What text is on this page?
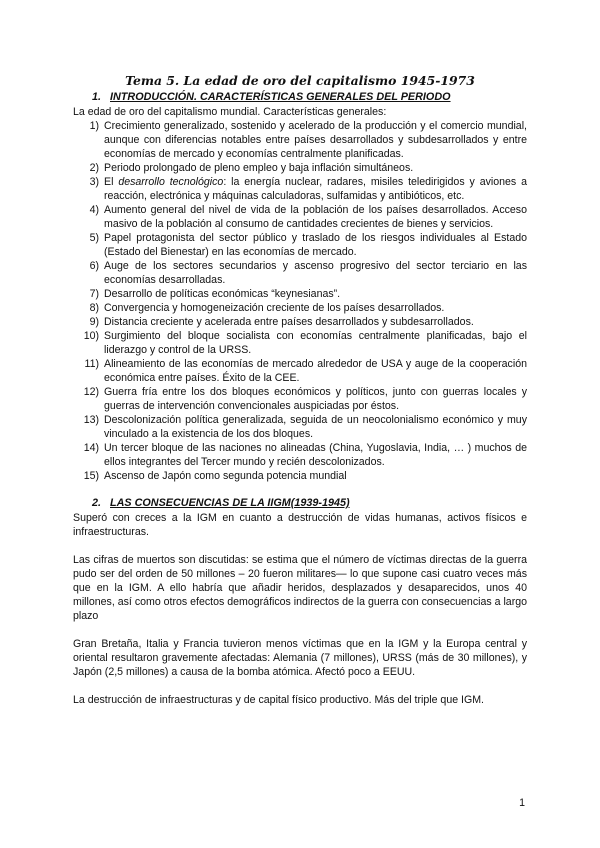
Tema 5. La edad de oro del capitalismo 1945-1973
1. INTRODUCCIÓN. CARACTERÍSTICAS GENERALES DEL PERIODO

La edad de oro del capitalismo mundial. Características generales:

1) Crecimiento generalizado, sostenido y acelerado de la producción y el comercio mundial, aunque con diferencias notables entre países desarrollados y subdesarrollados y entre economías de mercado y economías centralmente planificadas.
2) Periodo prolongado de pleno empleo y baja inflación simultáneos.
3) El desarrollo tecnológico: la energía nuclear, radares, misiles teledirigidos y aviones a reacción, electrónica y máquinas calculadoras, sulfamidas y antibióticos, etc.
4) Aumento general del nivel de vida de la población de los países desarrollados. Acceso masivo de la población al consumo de cantidades crecientes de bienes y servicios.
5) Papel protagonista del sector público y traslado de los riesgos individuales al Estado (Estado del Bienestar) en las economías de mercado.
6) Auge de los sectores secundarios y ascenso progresivo del sector terciario en las economías desarrolladas.
7) Desarrollo de políticas económicas “keynesianas”.
8) Convergencia y homogeneización creciente de los países desarrollados.
9) Distancia creciente y acelerada entre países desarrollados y subdesarrollados.
10) Surgimiento del bloque socialista con economías centralmente planificadas, bajo el liderazgo y control de la URSS.
11) Alineamiento de las economías de mercado alrededor de USA y auge de la cooperación económica entre países. Éxito de la CEE.
12) Guerra fría entre los dos bloques económicos y políticos, junto con guerras locales y guerras de intervención convencionales auspiciadas por éstos.
13) Descolonización política generalizada, seguida de un neocolonialismo económico y muy vinculado a la existencia de los dos bloques.
14) Un tercer bloque de las naciones no alineadas (China, Yugoslavia, India, … ) muchos de ellos integrantes del Tercer mundo y recién descolonizados.
15) Ascenso de Japón como segunda potencia mundial
2. LAS CONSECUENCIAS DE LA IIGM(1939-1945)

Superó con creces a la IGM en cuanto a destrucción de vidas humanas, activos físicos e infraestructuras.

Las cifras de muertos son discutidas: se estima que el número de víctimas directas de la guerra pudo ser del orden de 50 millones – 20 fueron militares— lo que supone casi cuatro veces más que en la IGM. A ello habría que añadir heridos, desplazados y desaparecidos, unos 40 millones, así como otros efectos demográficos indirectos de la guerra con consecuencias a largo plazo

Gran Bretaña, Italia y Francia tuvieron menos víctimas que en la IGM y la Europa central y oriental resultaron gravemente afectadas: Alemania (7 millones), URSS (más de 30 millones), y Japón (2,5 millones) a causa de la bomba atómica. Afectó poco a EEUU.

La destrucción de infraestructuras y de capital físico productivo. Más del triple que IGM.

1
